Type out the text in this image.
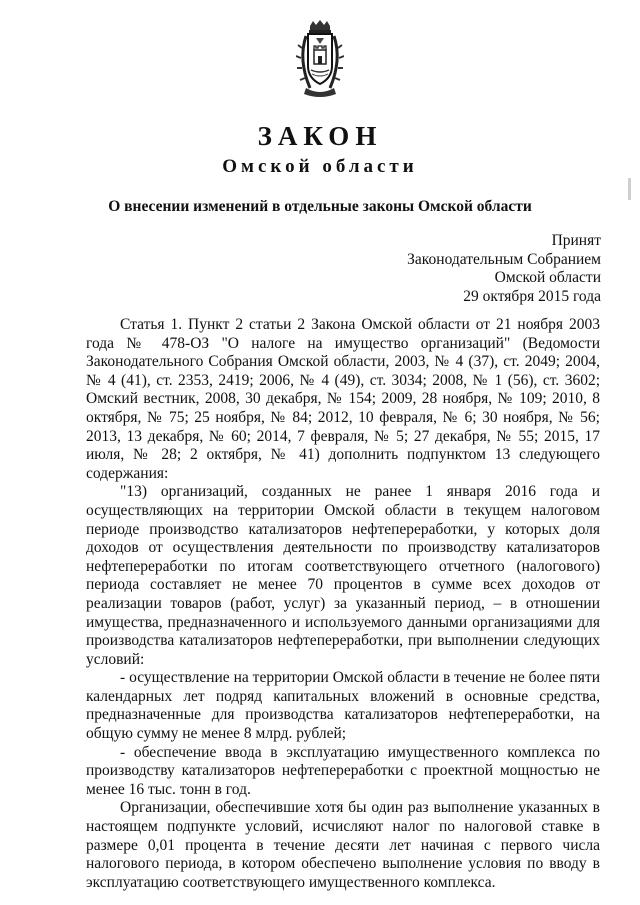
ЗАКОН
Омской области
О внесении изменений в отдельные законы Омской области
Принят
Законодательным Собранием
Омской области
29 октября 2015 года

Статья 1. Пункт 2 статьи 2 Закона Омской области от 21 ноября 2003 года № 478-ОЗ "О налоге на имущество организаций" (Ведомости Законодательного Собрания Омской области, 2003, № 4 (37), ст. 2049; 2004, № 4 (41), ст. 2353, 2419; 2006, № 4 (49), ст. 3034; 2008, № 1 (56), ст. 3602; Омский вестник, 2008, 30 декабря, № 154; 2009, 28 ноября, № 109; 2010, 8 октября, № 75; 25 ноября, № 84; 2012, 10 февраля, № 6; 30 ноября, № 56; 2013, 13 декабря, № 60; 2014, 7 февраля, № 5; 27 декабря, № 55; 2015, 17 июля, № 28; 2 октября, № 41) дополнить подпунктом 13 следующего содержания:

"13) организаций, созданных не ранее 1 января 2016 года и осуществляющих на территории Омской области в текущем налоговом периоде производство катализаторов нефтепереработки, у которых доля доходов от осуществления деятельности по производству катализаторов нефтепереработки по итогам соответствующего отчетного (налогового) периода составляет не менее 70 процентов в сумме всех доходов от реализации товаров (работ, услуг) за указанный период, – в отношении имущества, предназначенного и используемого данными организациями для производства катализаторов нефтепереработки, при выполнении следующих условий:

- осуществление на территории Омской области в течение не более пяти календарных лет подряд капитальных вложений в основные средства, предназначенные для производства катализаторов нефтепереработки, на общую сумму не менее 8 млрд. рублей;

- обеспечение ввода в эксплуатацию имущественного комплекса по производству катализаторов нефтепереработки с проектной мощностью не менее 16 тыс. тонн в год.

Организации, обеспечившие хотя бы один раз выполнение указанных в настоящем подпункте условий, исчисляют налог по налоговой ставке в размере 0,01 процента в течение десяти лет начиная с первого числа налогового периода, в котором обеспечено выполнение условия по вводу в эксплуатацию соответствующего имущественного комплекса.
